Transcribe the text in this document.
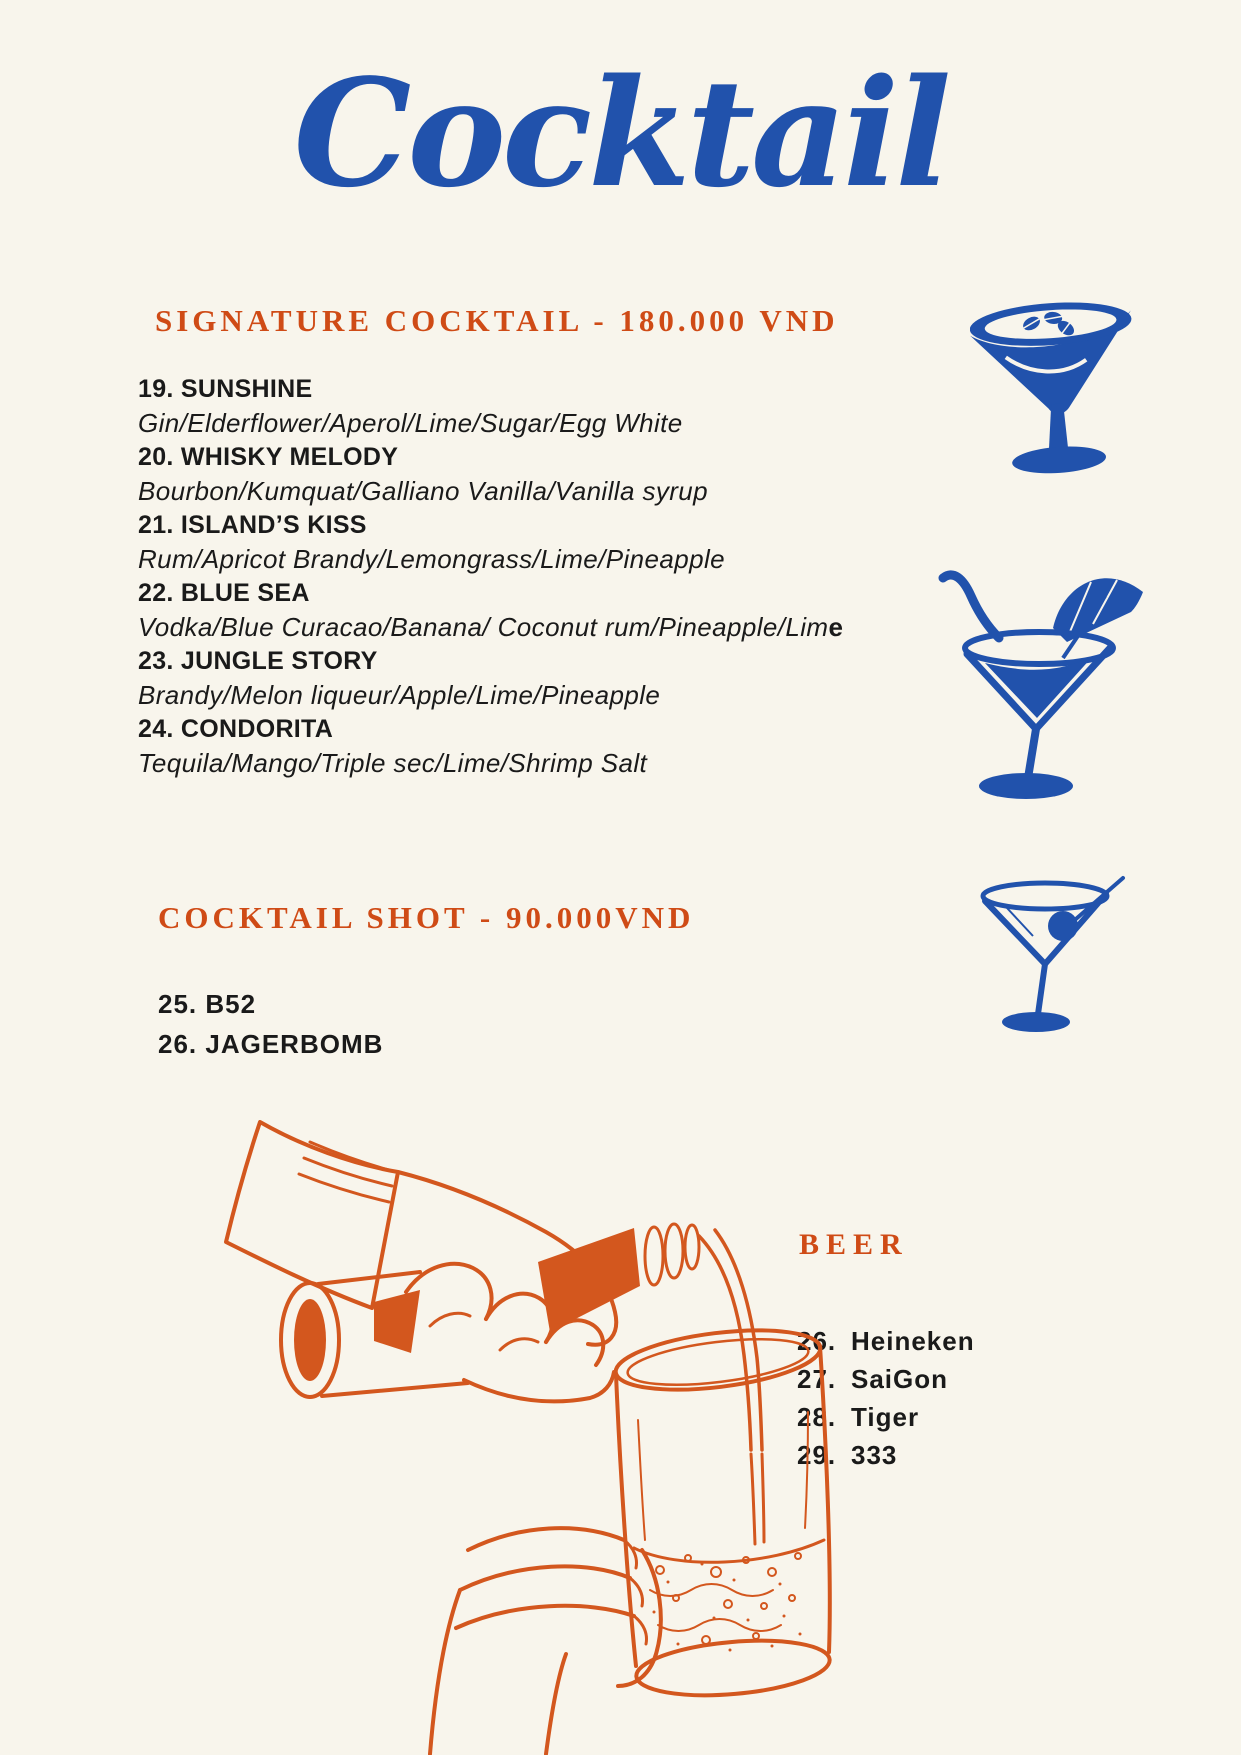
Cocktail
SIGNATURE COCKTAIL - 180.000 VND
19. SUNSHINE
Gin/Elderflower/Aperol/Lime/Sugar/Egg White
20. WHISKY MELODY
Bourbon/Kumquat/Galliano Vanilla/Vanilla syrup
21. ISLAND’S KISS
Rum/Apricot Brandy/Lemongrass/Lime/Pineapple
22. BLUE SEA
Vodka/Blue Curacao/Banana/ Coconut rum/Pineapple/Lime
23. JUNGLE STORY
Brandy/Melon liqueur/Apple/Lime/Pineapple
24. CONDORITA
Tequila/Mango/Triple sec/Lime/Shrimp Salt
COCKTAIL SHOT - 90.000VND
25. B52
26. JAGERBOMB
BEER
26. Heineken
27. SaiGon
28. Tiger
29. 333
